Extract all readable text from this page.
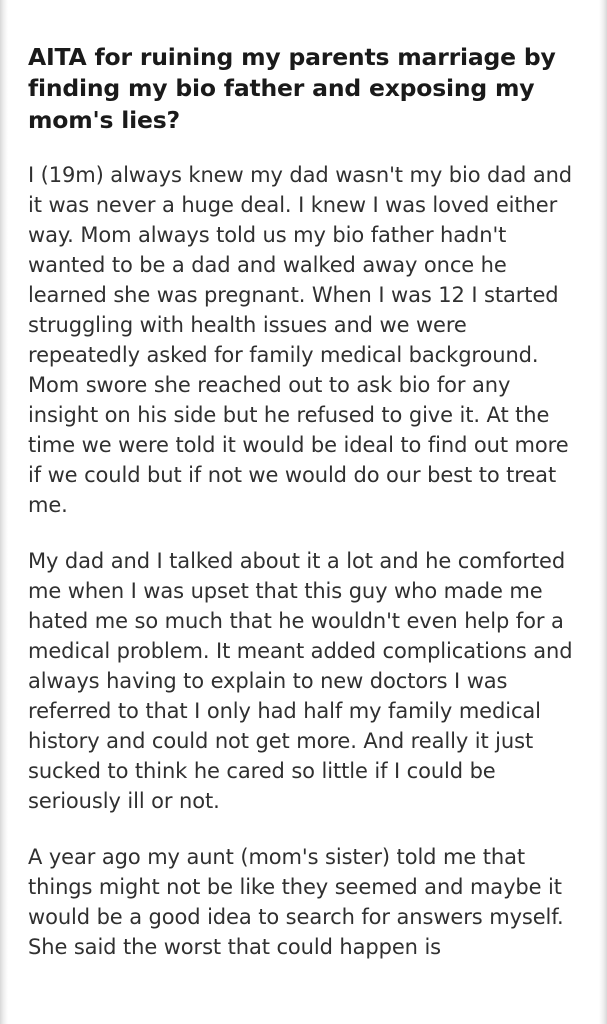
AITA for ruining my parents marriage by finding my bio father and exposing my mom's lies?

I (19m) always knew my dad wasn't my bio dad and it was never a huge deal. I knew I was loved either way. Mom always told us my bio father hadn't wanted to be a dad and walked away once he learned she was pregnant. When I was 12 I started struggling with health issues and we were repeatedly asked for family medical background. Mom swore she reached out to ask bio for any insight on his side but he refused to give it. At the time we were told it would be ideal to find out more if we could but if not we would do our best to treat me.

My dad and I talked about it a lot and he comforted me when I was upset that this guy who made me hated me so much that he wouldn't even help for a medical problem. It meant added complications and always having to explain to new doctors I was referred to that I only had half my family medical history and could not get more. And really it just sucked to think he cared so little if I could be seriously ill or not.

A year ago my aunt (mom's sister) told me that things might not be like they seemed and maybe it would be a good idea to search for answers myself. She said the worst that could happen is
